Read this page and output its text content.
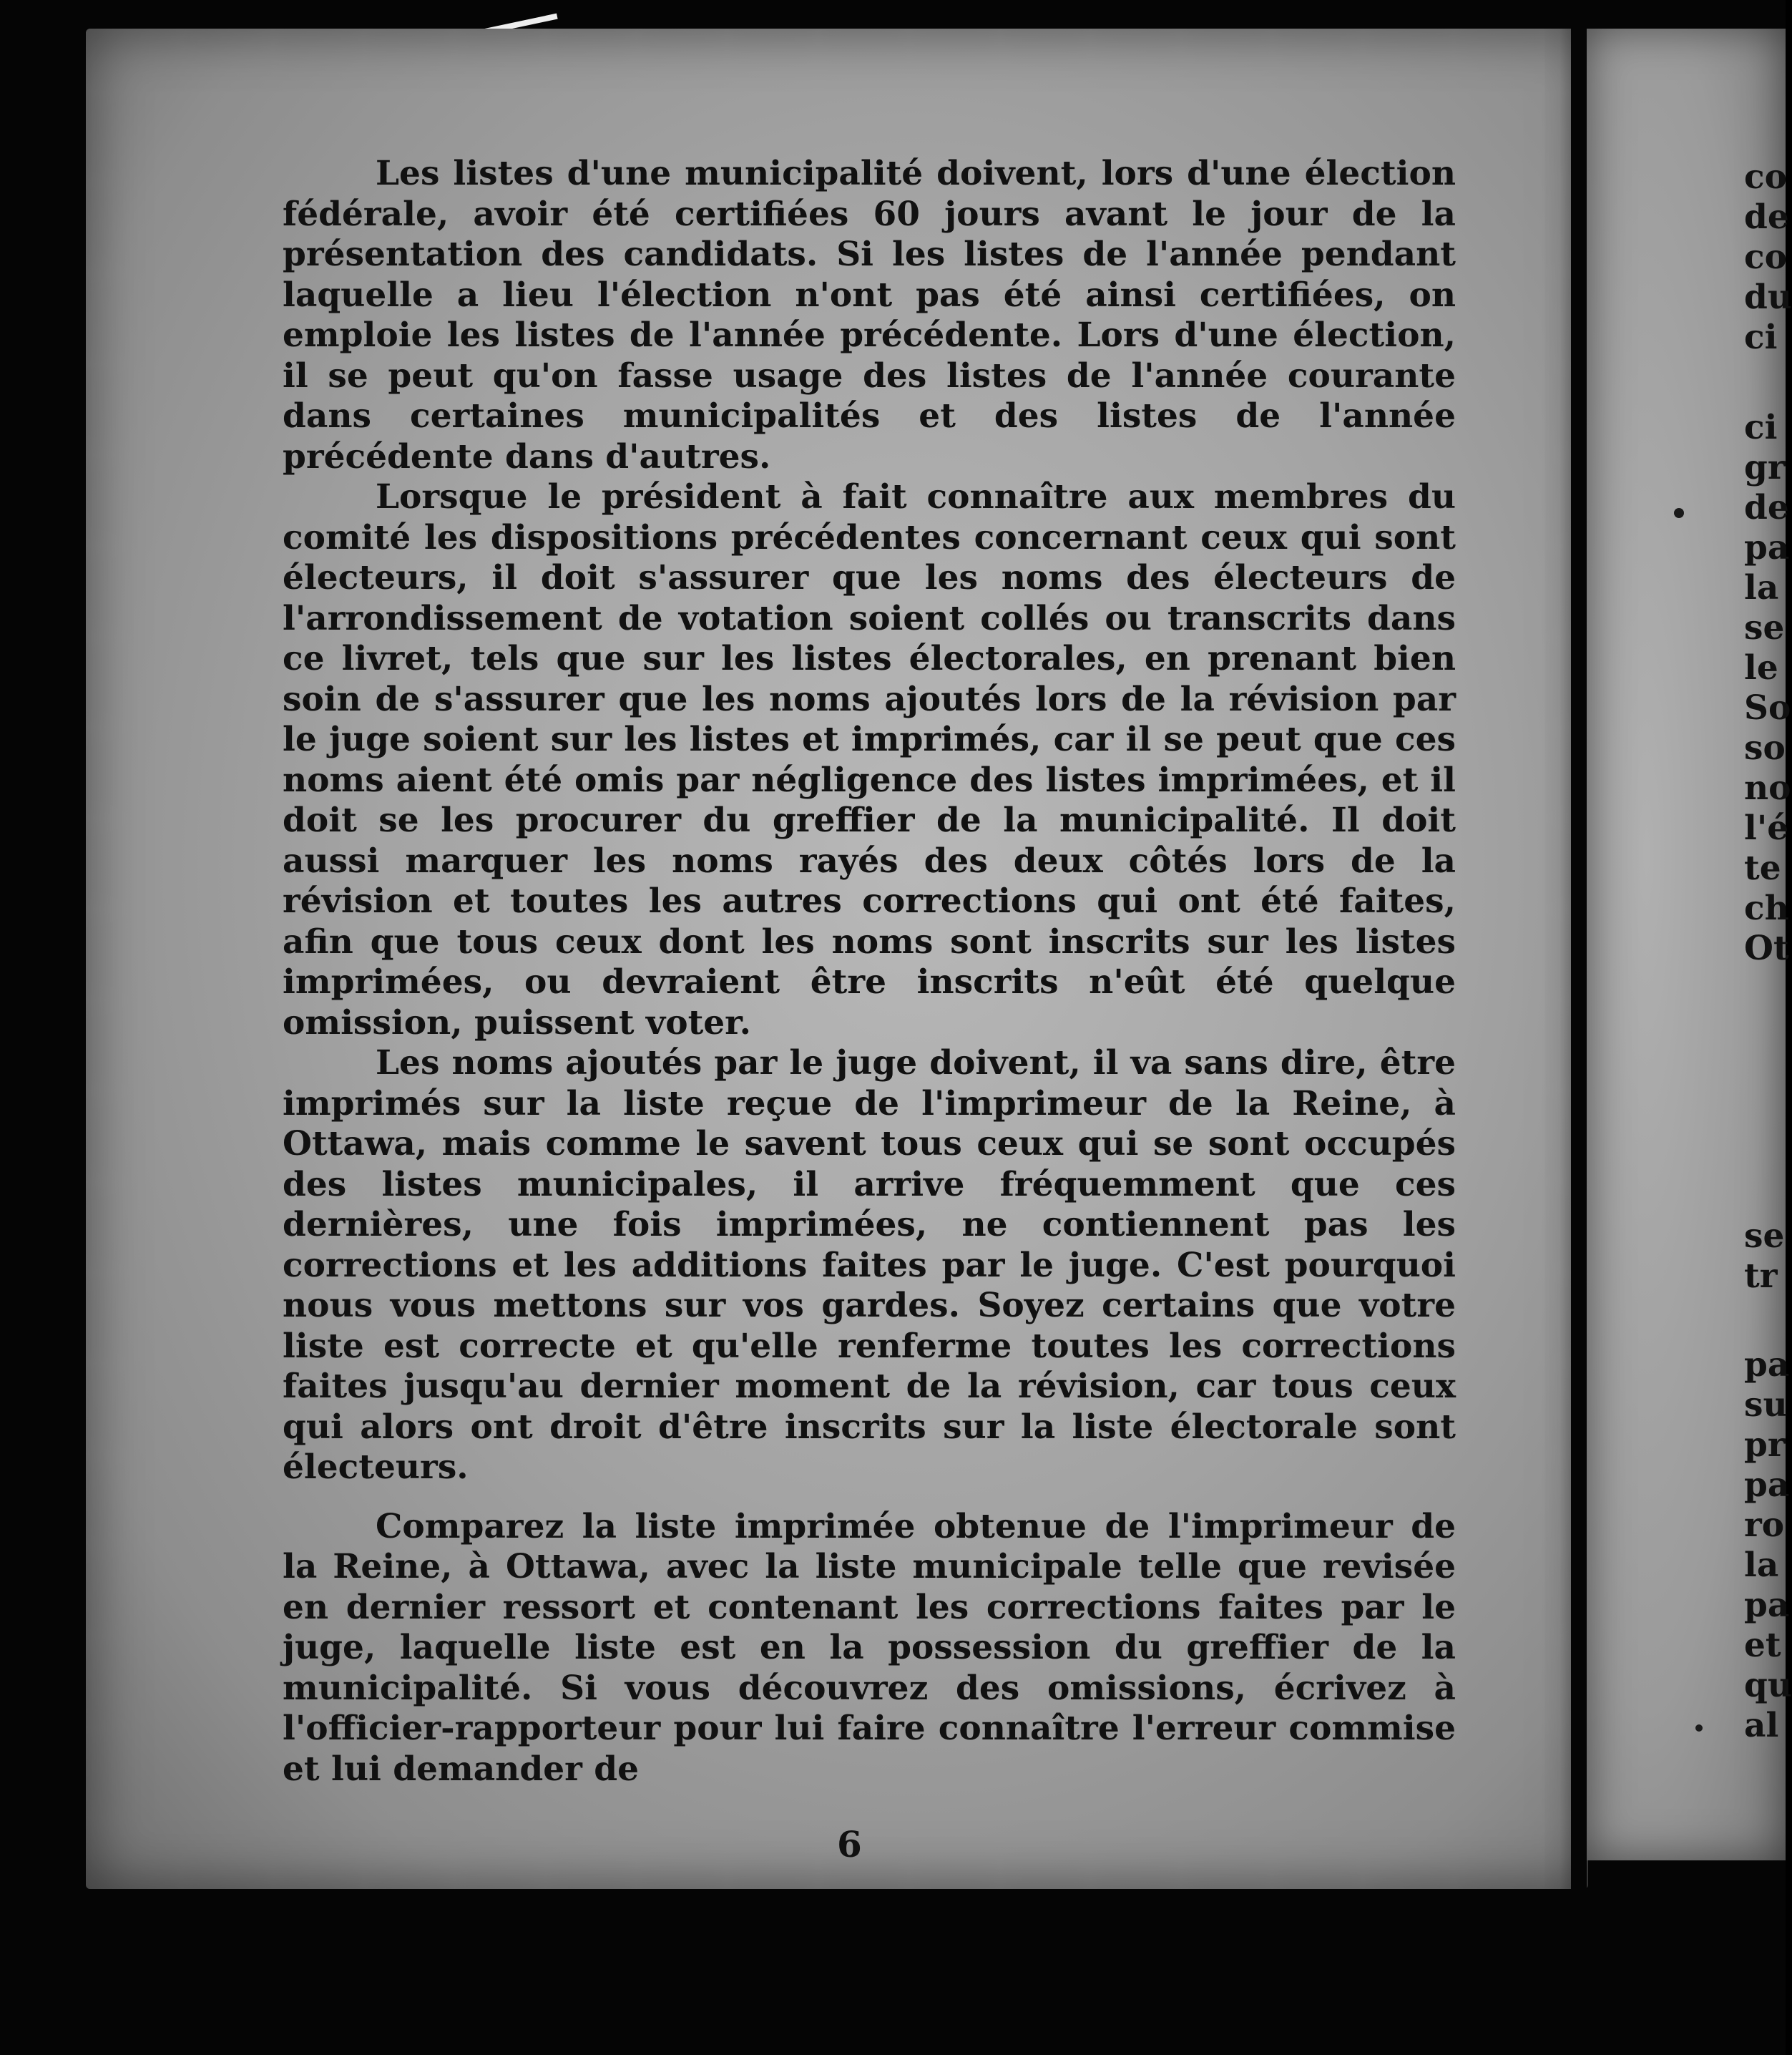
Les listes d'une municipalité doivent, lors d'une élection fédérale, avoir été certifiées 60 jours avant le jour de la présentation des candidats. Si les listes de l'année pendant laquelle a lieu l'élection n'ont pas été ainsi certifiées, on emploie les listes de l'année précédente. Lors d'une élection, il se peut qu'on fasse usage des listes de l'année courante dans certaines municipalités et des listes de l'année précédente dans d'autres.

Lorsque le président à fait connaître aux membres du comité les dispositions précédentes concernant ceux qui sont électeurs, il doit s'assurer que les noms des électeurs de l'arrondissement de votation soient collés ou transcrits dans ce livret, tels que sur les listes électorales, en prenant bien soin de s'assurer que les noms ajoutés lors de la révision par le juge soient sur les listes et imprimés, car il se peut que ces noms aient été omis par négligence des listes imprimées, et il doit se les procurer du greffier de la municipalité. Il doit aussi marquer les noms rayés des deux côtés lors de la révision et toutes les autres corrections qui ont été faites, afin que tous ceux dont les noms sont inscrits sur les listes imprimées, ou devraient être inscrits n'eût été quelque omission, puissent voter.

Les noms ajoutés par le juge doivent, il va sans dire, être imprimés sur la liste reçue de l'imprimeur de la Reine, à Ottawa, mais comme le savent tous ceux qui se sont occupés des listes municipales, il arrive fréquemment que ces dernières, une fois imprimées, ne contiennent pas les corrections et les additions faites par le juge. C'est pourquoi nous vous mettons sur vos gardes. Soyez certains que votre liste est correcte et qu'elle renferme toutes les corrections faites jusqu'au dernier moment de la révision, car tous ceux qui alors ont droit d'être inscrits sur la liste électorale sont électeurs.

Comparez la liste imprimée obtenue de l'imprimeur de la Reine, à Ottawa, avec la liste municipale telle que revisée en dernier ressort et contenant les corrections faites par le juge, laquelle liste est en la possession du greffier de la municipalité. Si vous découvrez des omissions, écrivez à l'officier-rapporteur pour lui faire connaître l'erreur commise et lui demander de

6
co
de
co
du
ci
ci
gr
de
pa
la
se
le
So
so
no
l'é
te
ch
Ot
se
tr
pa
su
pr
pa
ro
la
pa
et
qu
al
